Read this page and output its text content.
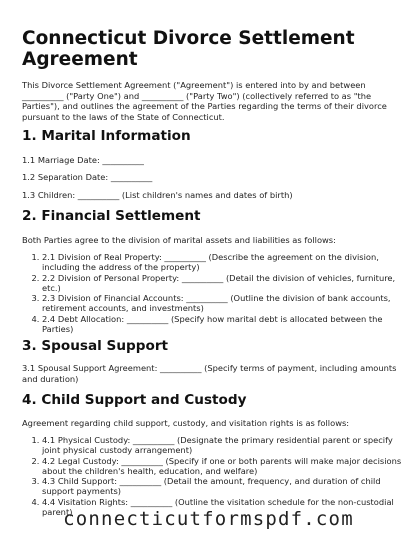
Connecticut Divorce Settlement Agreement
This Divorce Settlement Agreement ("Agreement") is entered into by and between __________ ("Party One") and __________ ("Party Two") (collectively referred to as "the Parties"), and outlines the agreement of the Parties regarding the terms of their divorce pursuant to the laws of the State of Connecticut.
1. Marital Information
1.1 Marriage Date: __________
1.2 Separation Date: __________
1.3 Children: __________ (List children's names and dates of birth)
2. Financial Settlement
Both Parties agree to the division of marital assets and liabilities as follows:
1. 2.1 Division of Real Property: __________ (Describe the agreement on the division, including the address of the property)
2. 2.2 Division of Personal Property: __________ (Detail the division of vehicles, furniture, etc.)
3. 2.3 Division of Financial Accounts: __________ (Outline the division of bank accounts, retirement accounts, and investments)
4. 2.4 Debt Allocation: __________ (Specify how marital debt is allocated between the Parties)
3. Spousal Support
3.1 Spousal Support Agreement: __________ (Specify terms of payment, including amounts and duration)
4. Child Support and Custody
Agreement regarding child support, custody, and visitation rights is as follows:
1. 4.1 Physical Custody: __________ (Designate the primary residential parent or specify joint physical custody arrangement)
2. 4.2 Legal Custody: __________ (Specify if one or both parents will make major decisions about the children's health, education, and welfare)
3. 4.3 Child Support: __________ (Detail the amount, frequency, and duration of child support payments)
4. 4.4 Visitation Rights: __________ (Outline the visitation schedule for the non-custodial parent)
connecticutformspdf.com
